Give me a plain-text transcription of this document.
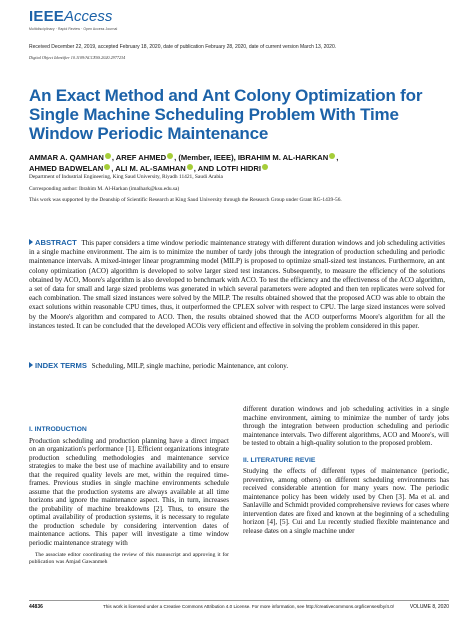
IEEEAccess
Multidisciplinary · Rapid Review · Open Access Journal
Received December 22, 2019, accepted February 18, 2020, date of publication February 28, 2020, date of current version March 13, 2020.
Digital Object Identifier 10.1109/ACCESS.2020.2977234
An Exact Method and Ant Colony Optimization for Single Machine Scheduling Problem With Time Window Periodic Maintenance
AMMAR A. QAMHAN , AREF AHMED , (Member, IEEE), IBRAHIM M. AL-HARKAN ,
AHMED BADWELAN , ALI M. AL-SAMHAN , AND LOTFI HIDRI
Department of Industrial Engineering, King Saud University, Riyadh 11421, Saudi Arabia
Corresponding author: Ibrahim M. Al-Harkan (imalhark@ksu.edu.sa)
This work was supported by the Deanship of Scientific Research at King Saud University through the Research Group under Grant RG-1439-56.
ABSTRACT This paper considers a time window periodic maintenance strategy with different duration windows and job scheduling activities in a single machine environment. The aim is to minimize the number of tardy jobs through the integration of production scheduling and periodic maintenance intervals. A mixed-integer linear programming model (MILP) is proposed to optimize small-sized test instances. Furthermore, an ant colony optimization (ACO) algorithm is developed to solve larger sized test instances. Subsequently, to measure the efficiency of the solutions obtained by ACO, Moore's algorithm is also developed to benchmark with ACO. To test the efficiency and the effectiveness of the ACO algorithm, a set of data for small and large sized problems was generated in which several parameters were adopted and then ten replicates were solved for each combination. The small sized instances were solved by the MILP. The results obtained showed that the proposed ACO was able to obtain the exact solutions within reasonable CPU times, thus, it outperformed the CPLEX solver with respect to CPU. The large sized instances were solved by the Moore's algorithm and compared to ACO. Then, the results obtained showed that the ACO outperforms Moore's algorithm for all the instances tested. It can be concluded that the developed ACOis very efficient and effective in solving the problem considered in this paper.
INDEX TERMS Scheduling, MILP, single machine, periodic Maintenance, ant colony.
I. INTRODUCTION
Production scheduling and production planning have a direct impact on an organization's performance [1]. Efficient organizations integrate production scheduling methodologies and maintenance service strategies to make the best use of machine availability and to ensure that the required quality levels are met, within the required time-frames. Previous studies in single machine environments schedule assume that the production systems are always available at all time horizons and ignore the maintenance aspect. This, in turn, increases the probability of machine breakdowns [2]. Thus, to ensure the optimal availability of production systems, it is necessary to regulate the production schedule by considering intervention dates of maintenance actions. This paper will investigate a time window periodic maintenance strategy with
The associate editor coordinating the review of this manuscript and approving it for publication was Amjad Gawanmeh
different duration windows and job scheduling activities in a single machine environment, aiming to minimize the number of tardy jobs through the integration between production scheduling and periodic maintenance intervals. Two different algorithms, ACO and Moore's, will be tested to obtain a high-quality solution to the proposed problem.
II. LITERATURE REVIE
Studying the effects of different types of maintenance (periodic, preventive, among others) on different scheduling environments has received considerable attention for many years now. The periodic maintenance policy has been widely used by Chen [3]. Ma et al. and Sanlaville and Schmidt provided comprehensive reviews for cases where intervention dates are fixed and known at the beginning of a scheduling horizon [4], [5]. Cui and Lu recently studied flexible maintenance and release dates on a single machine under
44836	This work is licensed under a Creative Commons Attribution 4.0 License. For more information, see http://creativecommons.org/licenses/by/4.0/	VOLUME 8, 2020
